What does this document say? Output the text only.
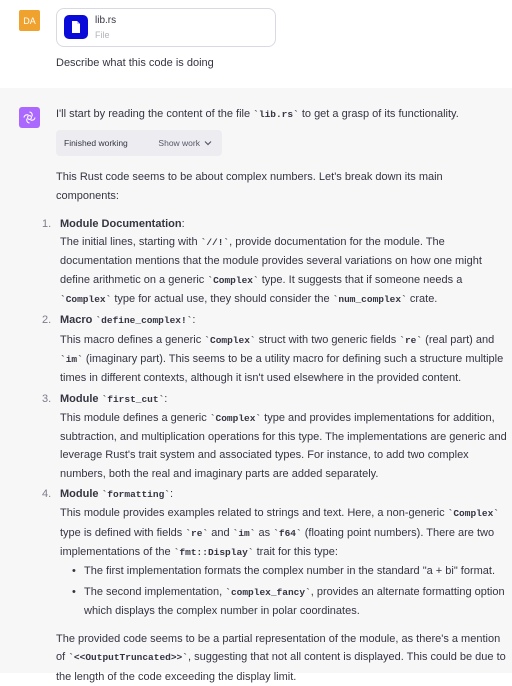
DA	lib.rs
File
Describe what this code is doing

I'll start by reading the content of the file `lib.rs` to get a grasp of its functionality.

Finished working	Show work

This Rust code seems to be about complex numbers. Let's break down its main components:

1. Module Documentation:
The initial lines, starting with `//!`, provide documentation for the module. The documentation mentions that the module provides several variations on how one might define arithmetic on a generic `Complex` type. It suggests that if someone needs a `Complex` type for actual use, they should consider the `num_complex` crate.
2. Macro `define_complex!`:
This macro defines a generic `Complex` struct with two generic fields `re` (real part) and `im` (imaginary part). This seems to be a utility macro for defining such a structure multiple times in different contexts, although it isn't used elsewhere in the provided content.
3. Module `first_cut`:
This module defines a generic `Complex` type and provides implementations for addition, subtraction, and multiplication operations for this type. The implementations are generic and leverage Rust's trait system and associated types. For instance, to add two complex numbers, both the real and imaginary parts are added separately.
4. Module `formatting`:
This module provides examples related to strings and text. Here, a non-generic `Complex` type is defined with fields `re` and `im` as `f64` (floating point numbers). There are two implementations of the `fmt::Display` trait for this type:
• The first implementation formats the complex number in the standard "a + bi" format.
• The second implementation, `complex_fancy`, provides an alternate formatting option which displays the complex number in polar coordinates.

The provided code seems to be a partial representation of the module, as there's a mention of `<<OutputTruncated>>`, suggesting that not all content is displayed. This could be due to the length of the code exceeding the display limit.
